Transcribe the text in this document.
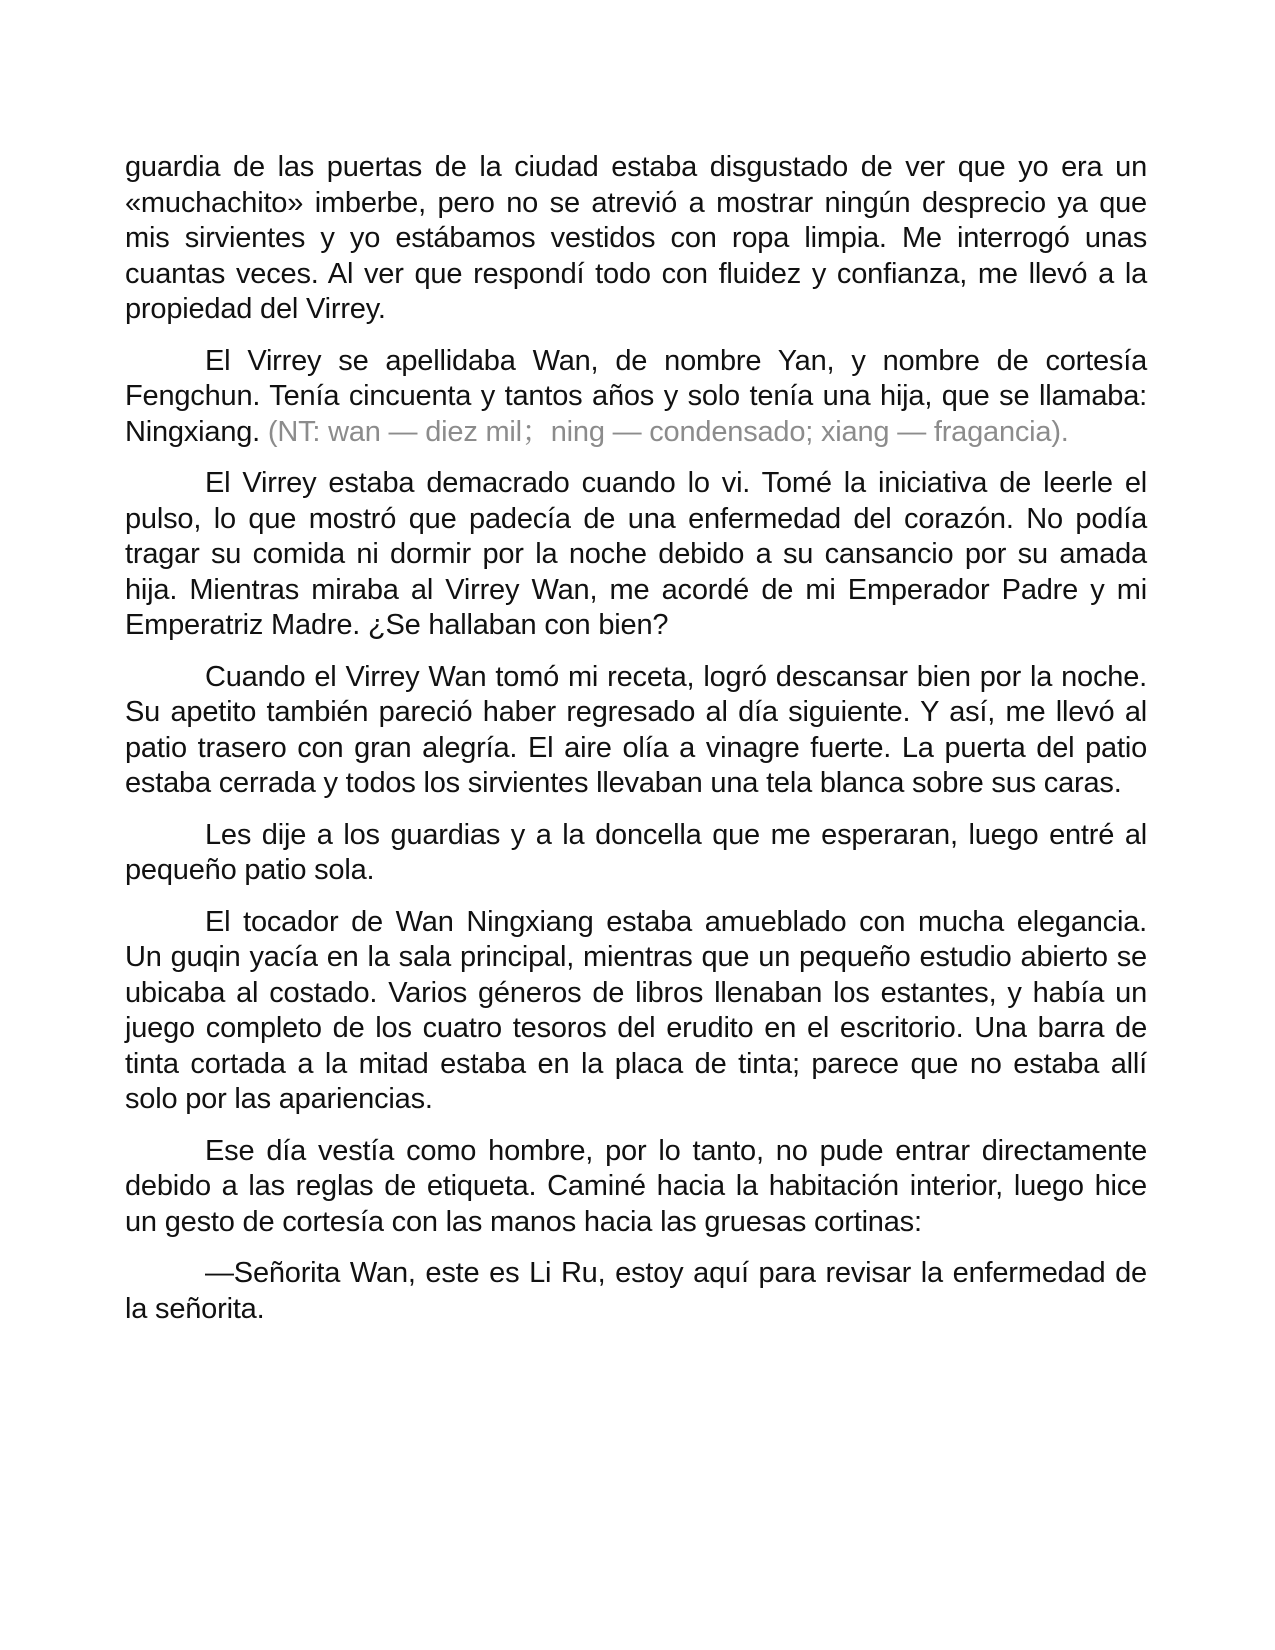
guardia de las puertas de la ciudad estaba disgustado de ver que yo era un «muchachito» imberbe, pero no se atrevió a mostrar ningún desprecio ya que mis sirvientes y yo estábamos vestidos con ropa limpia. Me interrogó unas cuantas veces. Al ver que respondí todo con fluidez y confianza, me llevó a la propiedad del Virrey.

El Virrey se apellidaba Wan, de nombre Yan, y nombre de cortesía Fengchun. Tenía cincuenta y tantos años y solo tenía una hija, que se llamaba: Ningxiang. (NT: wan — diez mil；ning — condensado; xiang — fragancia).

El Virrey estaba demacrado cuando lo vi. Tomé la iniciativa de leerle el pulso, lo que mostró que padecía de una enfermedad del corazón. No podía tragar su comida ni dormir por la noche debido a su cansancio por su amada hija. Mientras miraba al Virrey Wan, me acordé de mi Emperador Padre y mi Emperatriz Madre. ¿Se hallaban con bien?

Cuando el Virrey Wan tomó mi receta, logró descansar bien por la noche. Su apetito también pareció haber regresado al día siguiente. Y así, me llevó al patio trasero con gran alegría. El aire olía a vinagre fuerte. La puerta del patio estaba cerrada y todos los sirvientes llevaban una tela blanca sobre sus caras.

Les dije a los guardias y a la doncella que me esperaran, luego entré al pequeño patio sola.

El tocador de Wan Ningxiang estaba amueblado con mucha elegancia. Un guqin yacía en la sala principal, mientras que un pequeño estudio abierto se ubicaba al costado. Varios géneros de libros llenaban los estantes, y había un juego completo de los cuatro tesoros del erudito en el escritorio. Una barra de tinta cortada a la mitad estaba en la placa de tinta; parece que no estaba allí solo por las apariencias.

Ese día vestía como hombre, por lo tanto, no pude entrar directamente debido a las reglas de etiqueta. Caminé hacia la habitación interior, luego hice un gesto de cortesía con las manos hacia las gruesas cortinas:

—Señorita Wan, este es Li Ru, estoy aquí para revisar la enfermedad de la señorita.
